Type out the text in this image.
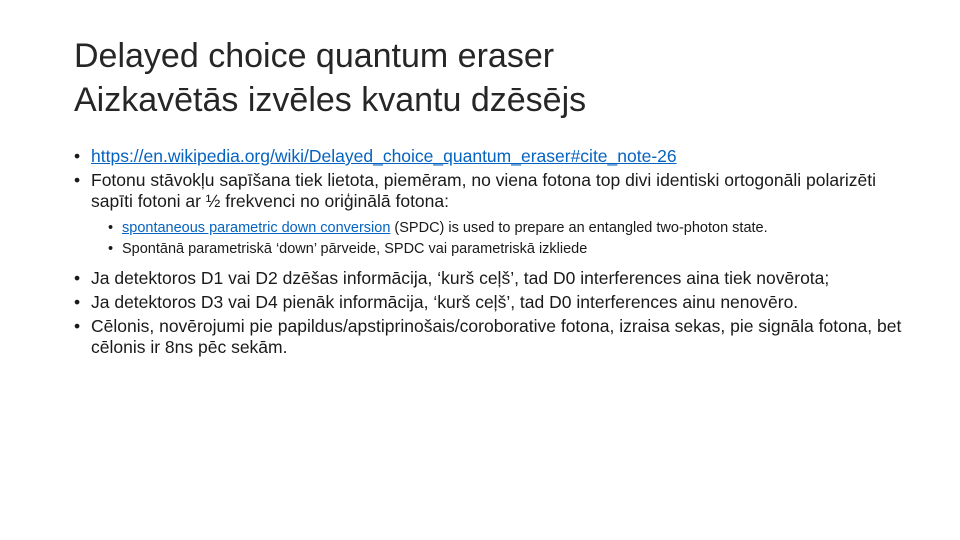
Delayed choice quantum eraser
Aizkavētās izvēles kvantu dzēsējs
• https://en.wikipedia.org/wiki/Delayed_choice_quantum_eraser#cite_note-26
• Fotonu stāvokļu sapīšana tiek lietota, piemēram, no viena fotona top divi identiski ortogonāli polarizēti sapīti fotoni ar ½ frekvenci no oriģinālā fotona:
• spontaneous parametric down conversion (SPDC) is used to prepare an entangled two-photon state.
• Spontānā parametriskā ‘down’ pārveide, SPDC vai parametriskā izkliede
• Ja detektoros D1 vai D2 dzēšas informācija, ‘kurš ceļš’, tad D0 interferences aina tiek novērota;
• Ja detektoros D3 vai D4 pienāk informācija, ‘kurš ceļš’, tad D0 interferences ainu nenovēro.
• Cēlonis, novērojumi pie papildus/apstiprinošais/coroborative fotona, izraisa sekas, pie signāla fotona, bet cēlonis ir 8ns pēc sekām.
